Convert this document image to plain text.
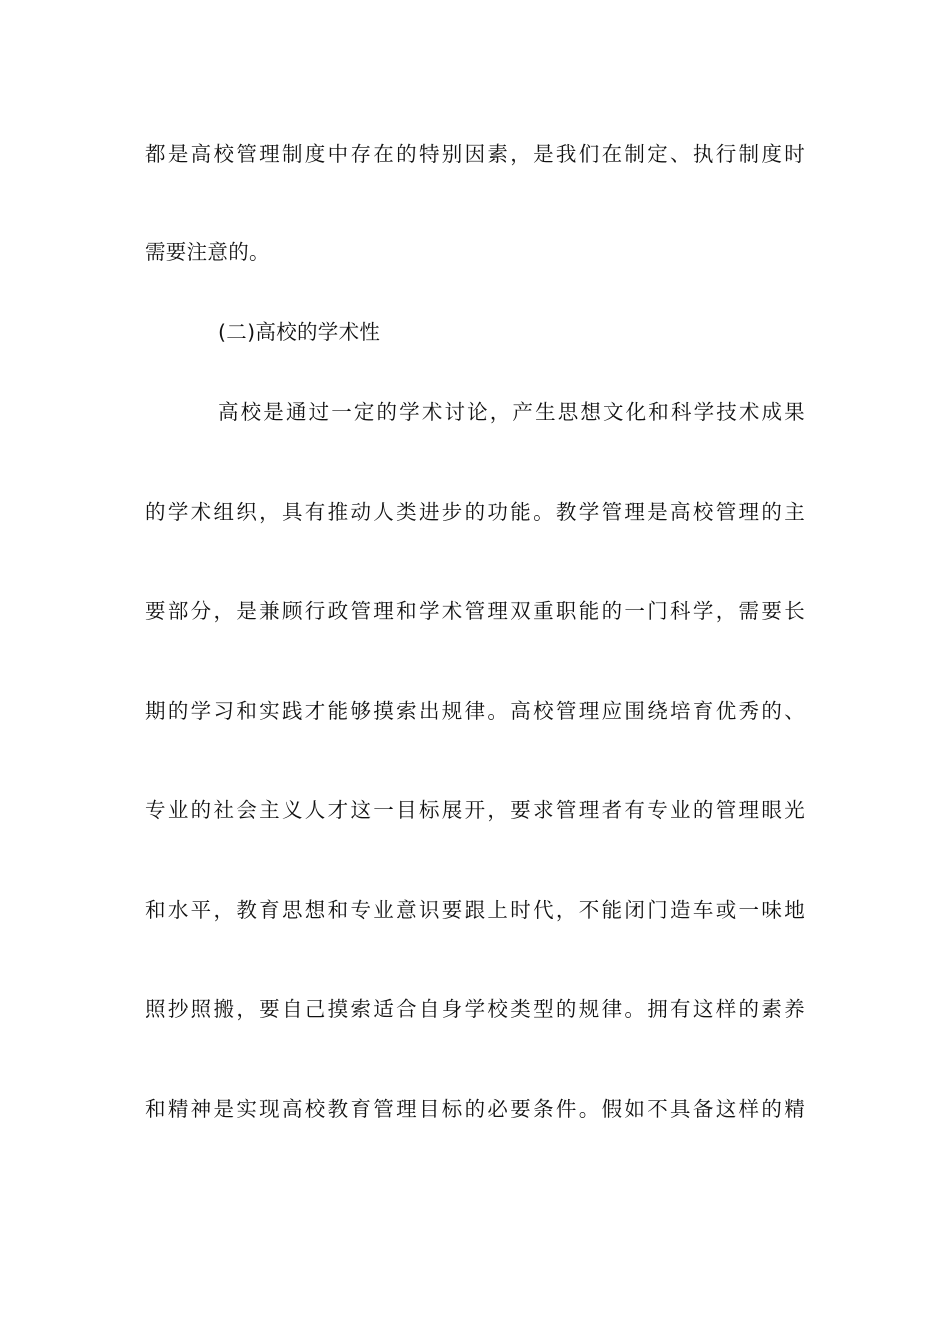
都是高校管理制度中存在的特别因素，是我们在制定、执行制度时
需要注意的。
(二)高校的学术性
高校是通过一定的学术讨论，产生思想文化和科学技术成果
的学术组织，具有推动人类进步的功能。教学管理是高校管理的主
要部分，是兼顾行政管理和学术管理双重职能的一门科学，需要长
期的学习和实践才能够摸索出规律。高校管理应围绕培育优秀的、
专业的社会主义人才这一目标展开，要求管理者有专业的管理眼光
和水平，教育思想和专业意识要跟上时代，不能闭门造车或一味地
照抄照搬，要自己摸索适合自身学校类型的规律。拥有这样的素养
和精神是实现高校教育管理目标的必要条件。假如不具备这样的精
